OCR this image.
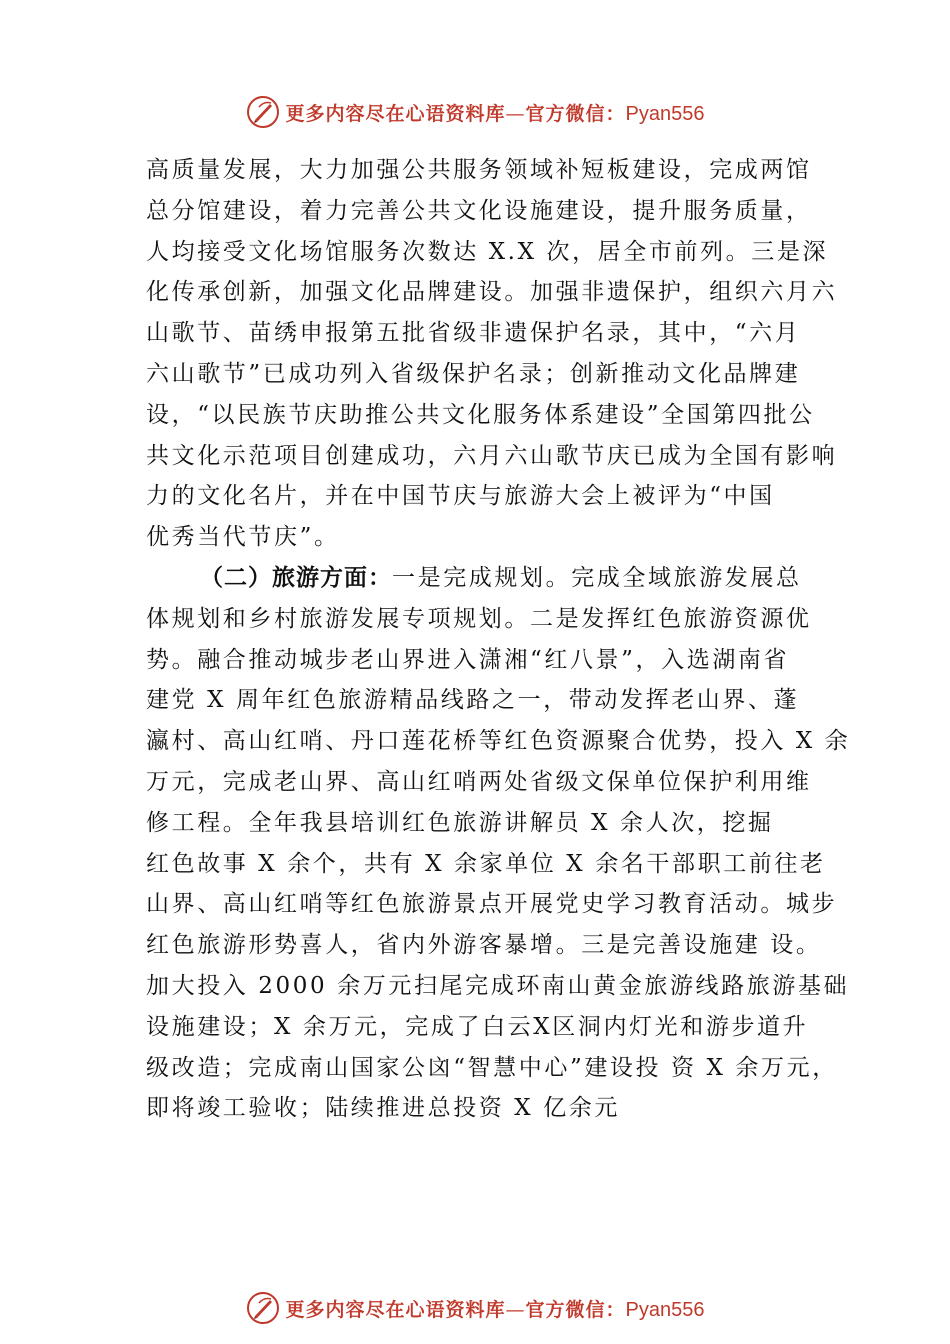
更多内容尽在心语资料库—官方微信：Pyan556
高质量发展，大力加强公共服务领域补短板建设，完成两馆
总分馆建设，着力完善公共文化设施建设，提升服务质量，
人均接受文化场馆服务次数达 X.X 次，居全市前列。三是深
化传承创新，加强文化品牌建设。加强非遗保护，组织六月六
山歌节、苗绣申报第五批省级非遗保护名录，其中，“六月
六山歌节”已成功列入省级保护名录；创新推动文化品牌建
设，“以民族节庆助推公共文化服务体系建设”全国第四批公
共文化示范项目创建成功，六月六山歌节庆已成为全国有影响
力的文化名片，并在中国节庆与旅游大会上被评为“中国
优秀当代节庆”。
（二）旅游方面：一是完成规划。完成全域旅游发展总
体规划和乡村旅游发展专项规划。二是发挥红色旅游资源优
势。融合推动城步老山界进入潇湘“红八景”，入选湖南省
建党 X 周年红色旅游精品线路之一，带动发挥老山界、蓬
瀛村、高山红哨、丹口莲花桥等红色资源聚合优势，投入 X 余
万元，完成老山界、高山红哨两处省级文保单位保护利用维
修工程。全年我县培训红色旅游讲解员 X 余人次，挖掘
红色故事 X 余个，共有 X 余家单位 X 余名干部职工前往老
山界、高山红哨等红色旅游景点开展党史学习教育活动。城步
红色旅游形势喜人，省内外游客暴增。三是完善设施建 设。
加大投入 2000 余万元扫尾完成环南山黄金旅游线路旅游基础
设施建设；X 余万元，完成了白云Ⅹ区洞内灯光和游步道升
级改造；完成南山国家公㓙“智慧中心”建设投 资 X 余万元，
即将竣工验收；陆续推进总投资 X 亿余元
更多内容尽在心语资料库—官方微信：Pyan556
